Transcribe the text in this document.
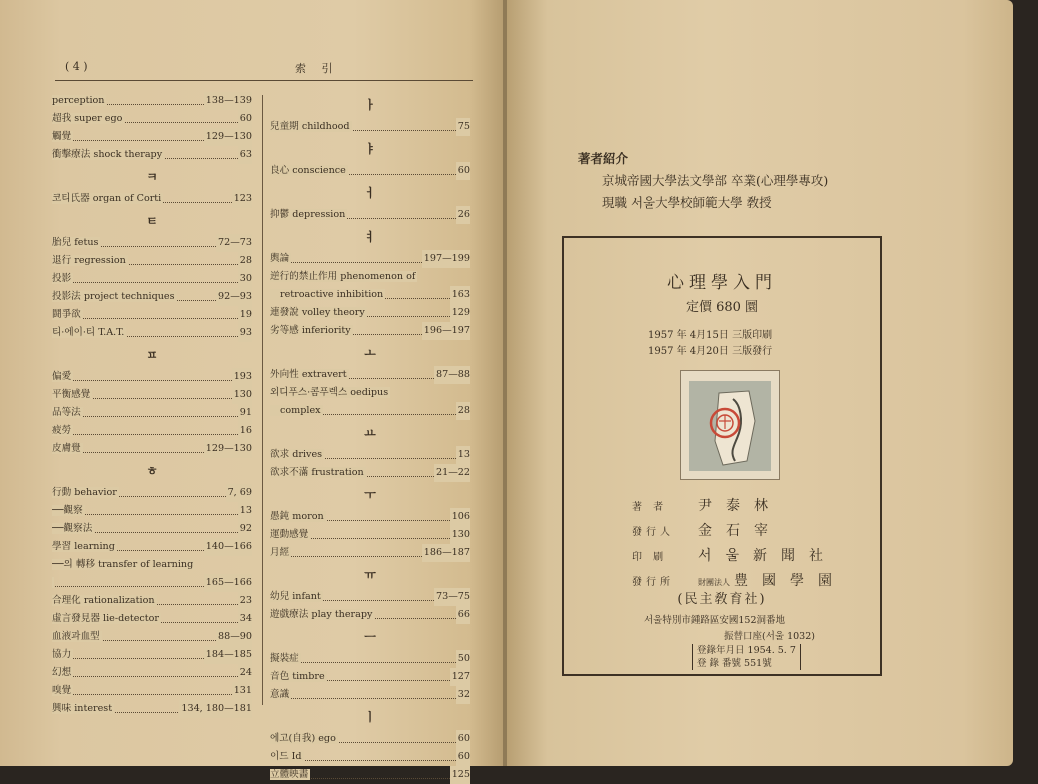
( 4 )	索 引
perception	138—139
超我 super ego	60
觸覺	129—130
衝擊療法 shock therapy	63
ㅋ
코티氏器 organ of Corti	123
ㅌ
胎兒 fetus	72—73
退行 regression	28
投影	30
投影法 project techniques	92—93
鬪爭欲	19
티·에이·티 T.A.T.	93
ㅍ
偏愛	193
平衡感覺	130
品等法	91
疲勞	16
皮膚覺	129—130
ㅎ
行動 behavior	7, 69
──觀察	13
──觀察法	92
學習 learning	140—166
──의 轉移 transfer of learning
165—166
合理化 rationalization	23
虛言發見器 lie-detector	34
血液과血型	88—90
協力	184—185
幻想	24
嗅覺	131
興味 interest	134, 180—181
ㅏ
兒童期 childhood	75
ㅑ
良心 conscience	60
ㅓ
抑鬱 depression	26
ㅕ
輿論	197—199
逆行的禁止作用 phenomenon of
retroactive inhibition	163
連發說 volley theory	129
劣等感 inferiority	196—197
ㅗ
外向性 extravert	87—88
외디푸스·콤푸렉스 oedipus
complex	28
ㅛ
欲求 drives	13
欲求不滿 frustration	21—22
ㅜ
愚鈍 moron	106
運動感覺	130
月經	186—187
ㅠ
幼兒 infant	73—75
遊戲療法 play therapy	66
ㅡ
擬裝症	50
音色 timbre	127
意識	32
ㅣ
에고(自我) ego	60
이드 Id	60
立體映畵	125
著者紹介
京城帝國大學法文學部 卒業(心理學專攻)
現職 서울大學校師範大學 敎授
心理學入門
定價 680 圜
1957 年 4月15日 三版印刷
1957 年 4月20日 三版發行
著 者 尹泰林
發行人 金石宰
印 刷 서울新聞社
發行所	財團法人 豊國學園
(民主敎育社)
서울特別市鍾路區安國152洞番地
振替口座(서울 1032)
登錄年月日 1954. 5. 7
登 錄 番號 551號
